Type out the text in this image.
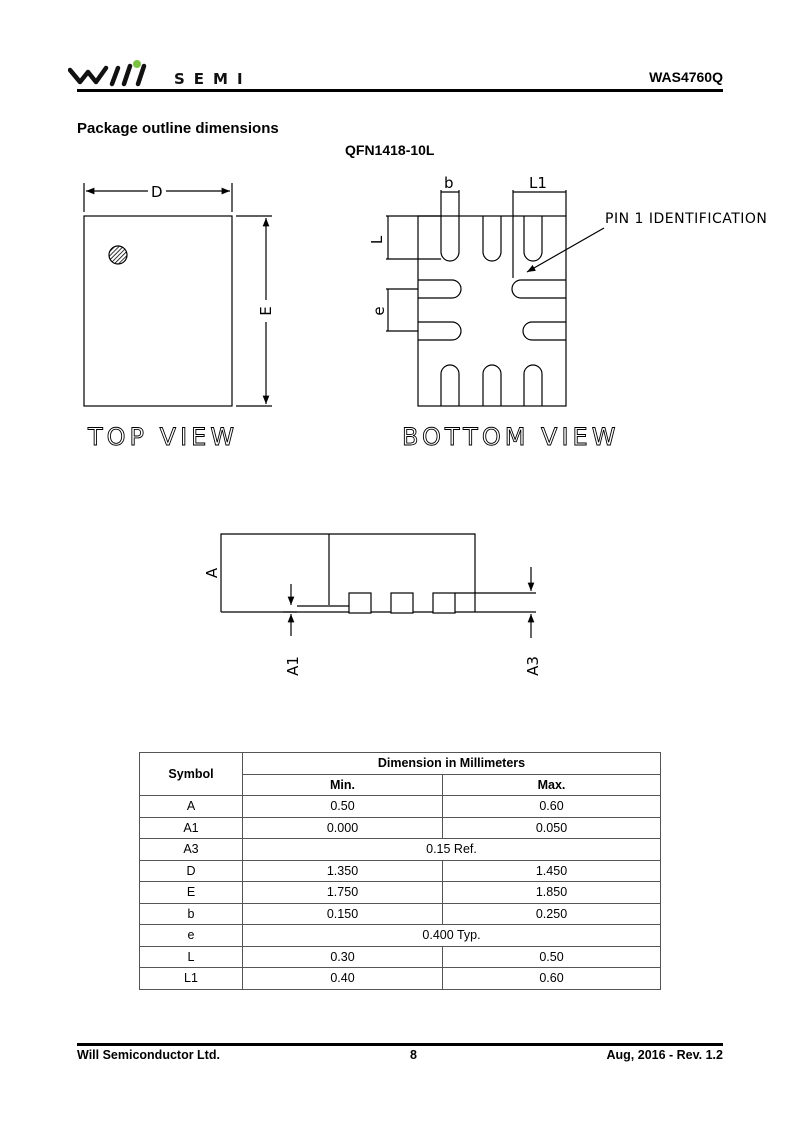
SEMI	WAS4760Q
Package outline dimensions
QFN1418-10L
D
E
TOP VIEW
b	L1
L
e
PIN 1 IDENTIFICATION
BOTTOM VIEW
A
A1	A3
Symbol	Dimension in Millimeters	
	Min.	Max.
A	0.50	0.60
A1	0.000	0.050
A3	0.15 Ref.	
D	1.350	1.450
E	1.750	1.850
b	0.150	0.250
e	0.400 Typ.	
L	0.30	0.50
L1	0.40	0.60
Will Semiconductor Ltd.	8	Aug, 2016 - Rev. 1.2
